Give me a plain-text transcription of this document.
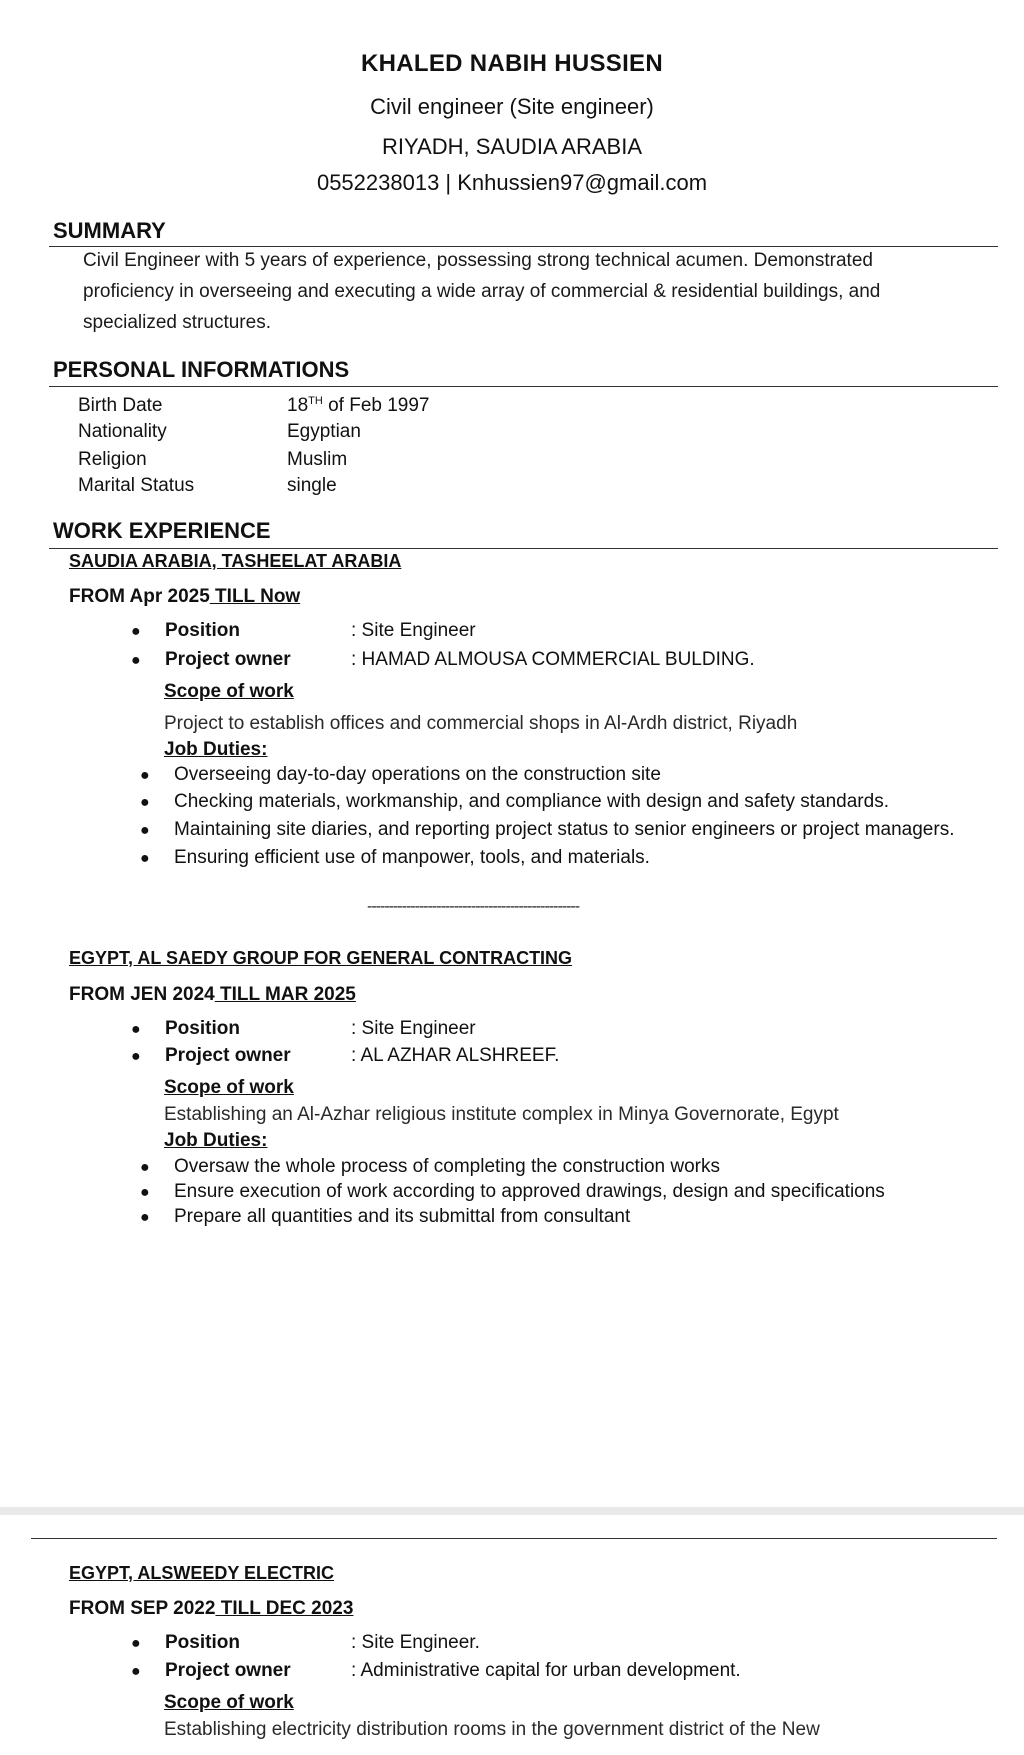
KHALED NABIH HUSSIEN
Civil engineer (Site engineer)
RIYADH, SAUDIA ARABIA
0552238013 | Knhussien97@gmail.com
SUMMARY
Civil Engineer with 5 years of experience, possessing strong technical acumen. Demonstrated
proficiency in overseeing and executing a wide array of commercial & residential buildings, and
specialized structures.
PERSONAL INFORMATIONS
Birth Date	18TH of Feb 1997
Nationality	Egyptian
Religion	Muslim
Marital Status	single
WORK EXPERIENCE
SAUDIA ARABIA, TASHEELAT ARABIA
FROM Apr 2025 TILL Now
● Position	: Site Engineer
● Project owner	: HAMAD ALMOUSA COMMERCIAL BULDING.
Scope of work
Project to establish offices and commercial shops in Al-Ardh district, Riyadh
Job Duties:
● Overseeing day-to-day operations on the construction site
● Checking materials, workmanship, and compliance with design and safety standards.
● Maintaining site diaries, and reporting project status to senior engineers or project managers.
● Ensuring efficient use of manpower, tools, and materials.
-------------------------------------------------
EGYPT, AL SAEDY GROUP FOR GENERAL CONTRACTING
FROM JEN 2024 TILL MAR 2025
● Position	: Site Engineer
● Project owner	: AL AZHAR ALSHREEF.
Scope of work
Establishing an Al-Azhar religious institute complex in Minya Governorate, Egypt
Job Duties:
● Oversaw the whole process of completing the construction works
● Ensure execution of work according to approved drawings, design and specifications
● Prepare all quantities and its submittal from consultant
EGYPT, ALSWEEDY ELECTRIC
FROM SEP 2022 TILL DEC 2023
● Position	: Site Engineer.
● Project owner	: Administrative capital for urban development.
Scope of work
Establishing electricity distribution rooms in the government district of the New
